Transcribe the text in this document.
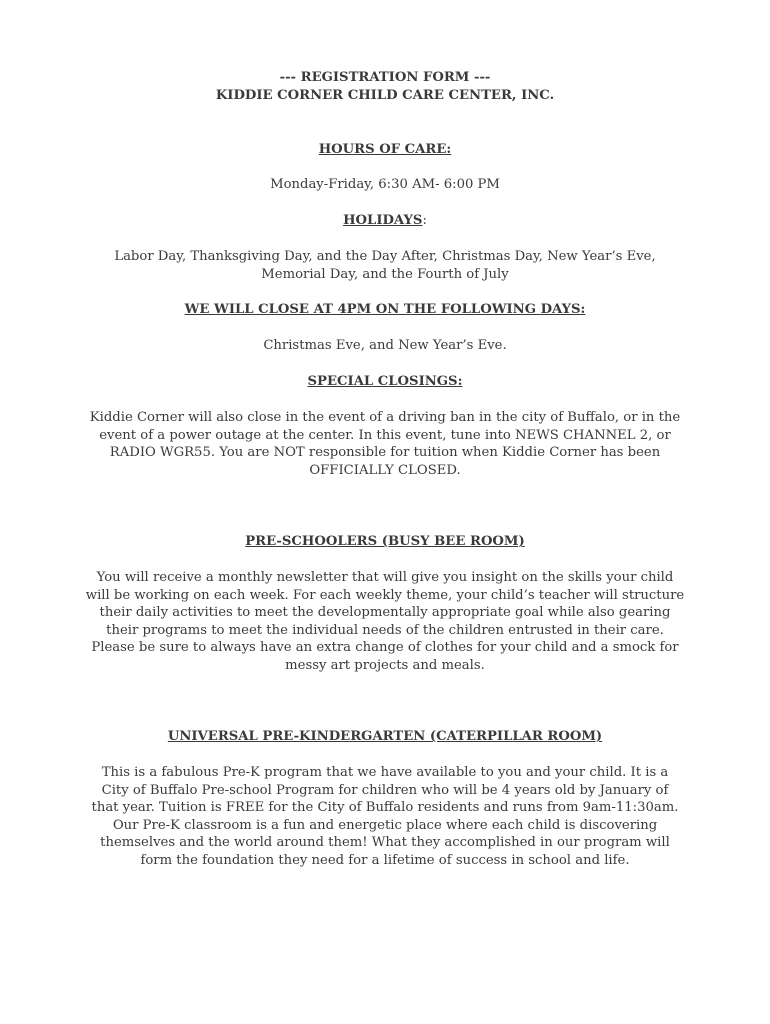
--- REGISTRATION FORM ---
KIDDIE CORNER CHILD CARE CENTER, INC.
HOURS OF CARE:
Monday-Friday, 6:30 AM- 6:00 PM
HOLIDAYS:
Labor Day, Thanksgiving Day, and the Day After, Christmas Day, New Year’s Eve,
Memorial Day, and the Fourth of July
WE WILL CLOSE AT 4PM ON THE FOLLOWING DAYS:
Christmas Eve, and New Year’s Eve.
SPECIAL CLOSINGS:
Kiddie Corner will also close in the event of a driving ban in the city of Buffalo, or in the
event of a power outage at the center. In this event, tune into NEWS CHANNEL 2, or
RADIO WGR55. You are NOT responsible for tuition when Kiddie Corner has been
OFFICIALLY CLOSED.
PRE-SCHOOLERS (BUSY BEE ROOM)
You will receive a monthly newsletter that will give you insight on the skills your child
will be working on each week. For each weekly theme, your child’s teacher will structure
their daily activities to meet the developmentally appropriate goal while also gearing
their programs to meet the individual needs of the children entrusted in their care.
Please be sure to always have an extra change of clothes for your child and a smock for
messy art projects and meals.
UNIVERSAL PRE-KINDERGARTEN (CATERPILLAR ROOM)
This is a fabulous Pre-K program that we have available to you and your child. It is a
City of Buffalo Pre-school Program for children who will be 4 years old by January of
that year. Tuition is FREE for the City of Buffalo residents and runs from 9am-11:30am.
Our Pre-K classroom is a fun and energetic place where each child is discovering
themselves and the world around them! What they accomplished in our program will
form the foundation they need for a lifetime of success in school and life.
